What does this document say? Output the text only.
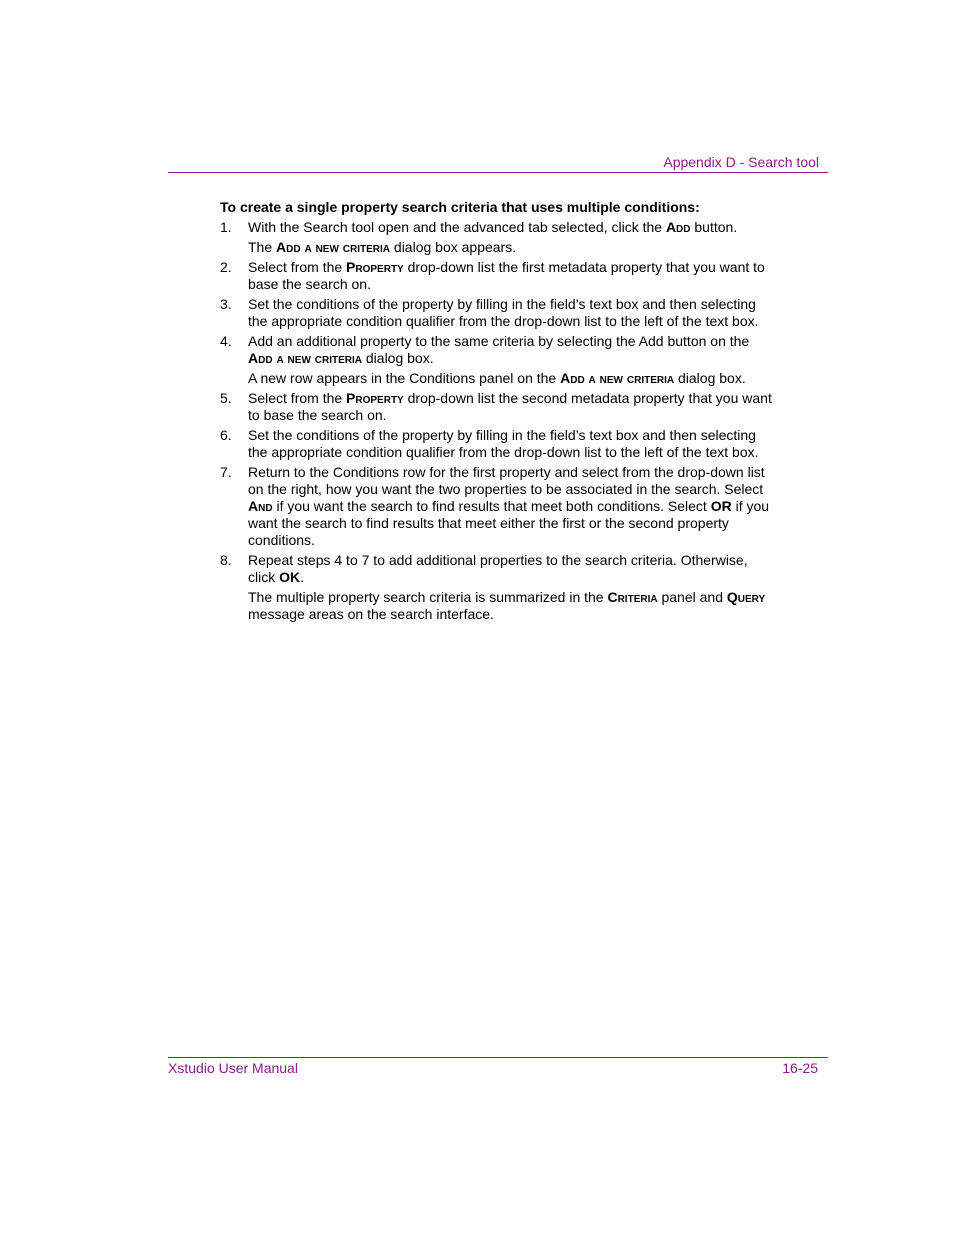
Appendix D - Search tool
To create a single property search criteria that uses multiple conditions:
1.	With the Search tool open and the advanced tab selected, click the Add button.
The Add a new criteria dialog box appears.
2.	Select from the Property drop-down list the first metadata property that you want to base the search on.
3.	Set the conditions of the property by filling in the field’s text box and then selecting the appropriate condition qualifier from the drop-down list to the left of the text box.
4.	Add an additional property to the same criteria by selecting the Add button on the Add a new criteria dialog box.
A new row appears in the Conditions panel on the Add a new criteria dialog box.
5.	Select from the Property drop-down list the second metadata property that you want to base the search on.
6.	Set the conditions of the property by filling in the field’s text box and then selecting the appropriate condition qualifier from the drop-down list to the left of the text box.
7.	Return to the Conditions row for the first property and select from the drop-down list on the right, how you want the two properties to be associated in the search. Select And if you want the search to find results that meet both conditions. Select OR if you want the search to find results that meet either the first or the second property conditions.
8.	Repeat steps 4 to 7 to add additional properties to the search criteria. Otherwise, click OK.
The multiple property search criteria is summarized in the Criteria panel and Query message areas on the search interface.
Xstudio User Manual	16-25
